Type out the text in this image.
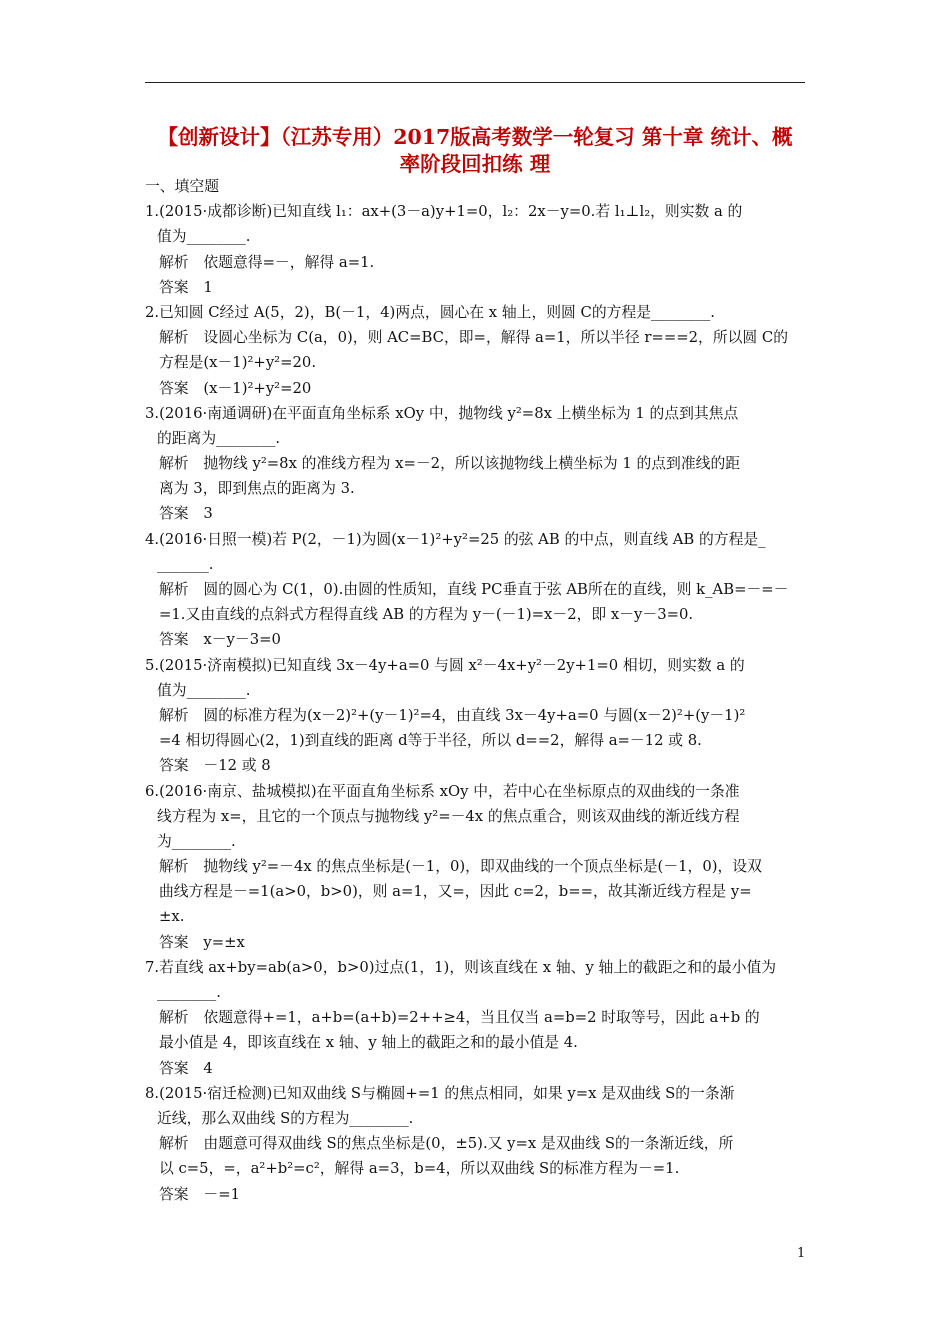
【创新设计】（江苏专用）2017版高考数学一轮复习 第十章 统计、概
率阶段回扣练 理
一、填空题
1.(2015·成都诊断)已知直线 l₁：ax+(3－a)y+1=0，l₂：2x－y=0.若 l₁⊥l₂，则实数 a 的
值为________.
解析　依题意得=－，解得 a=1.
答案　1
2.已知圆 C经过 A(5，2)，B(－1，4)两点，圆心在 x 轴上，则圆 C的方程是________.
解析　设圆心坐标为 C(a，0)，则 AC=BC，即=，解得 a=1，所以半径 r===2，所以圆 C的
方程是(x－1)²+y²=20.
答案　(x－1)²+y²=20
3.(2016·南通调研)在平面直角坐标系 xOy 中，抛物线 y²=8x 上横坐标为 1 的点到其焦点
的距离为________.
解析　抛物线 y²=8x 的准线方程为 x=－2，所以该抛物线上横坐标为 1 的点到准线的距
离为 3，即到焦点的距离为 3.
答案　3
4.(2016·日照一模)若 P(2，－1)为圆(x－1)²+y²=25 的弦 AB 的中点，则直线 AB 的方程是_
_______.
解析　圆的圆心为 C(1，0).由圆的性质知，直线 PC垂直于弦 AB所在的直线，则 k_AB=－=－
=1.又由直线的点斜式方程得直线 AB 的方程为 y－(－1)=x－2，即 x－y－3=0.
答案　x－y－3=0
5.(2015·济南模拟)已知直线 3x－4y+a=0 与圆 x²－4x+y²－2y+1=0 相切，则实数 a 的
值为________.
解析　圆的标准方程为(x－2)²+(y－1)²=4，由直线 3x－4y+a=0 与圆(x－2)²+(y－1)²
=4 相切得圆心(2，1)到直线的距离 d等于半径，所以 d==2，解得 a=－12 或 8.
答案　－12 或 8
6.(2016·南京、盐城模拟)在平面直角坐标系 xOy 中，若中心在坐标原点的双曲线的一条准
线方程为 x=，且它的一个顶点与抛物线 y²=－4x 的焦点重合，则该双曲线的渐近线方程
为________.
解析　抛物线 y²=－4x 的焦点坐标是(－1，0)，即双曲线的一个顶点坐标是(－1，0)，设双
曲线方程是－=1(a>0，b>0)，则 a=1，又=，因此 c=2，b==，故其渐近线方程是 y=
±x.
答案　y=±x
7.若直线 ax+by=ab(a>0，b>0)过点(1，1)，则该直线在 x 轴、y 轴上的截距之和的最小值为
________.
解析　依题意得+=1，a+b=(a+b)=2++≥4，当且仅当 a=b=2 时取等号，因此 a+b 的
最小值是 4，即该直线在 x 轴、y 轴上的截距之和的最小值是 4.
答案　4
8.(2015·宿迁检测)已知双曲线 S与椭圆+=1 的焦点相同，如果 y=x 是双曲线 S的一条渐
近线，那么双曲线 S的方程为________.
解析　由题意可得双曲线 S的焦点坐标是(0，±5).又 y=x 是双曲线 S的一条渐近线，所
以 c=5，=，a²+b²=c²，解得 a=3，b=4，所以双曲线 S的标准方程为－=1.
答案　－=1
1
